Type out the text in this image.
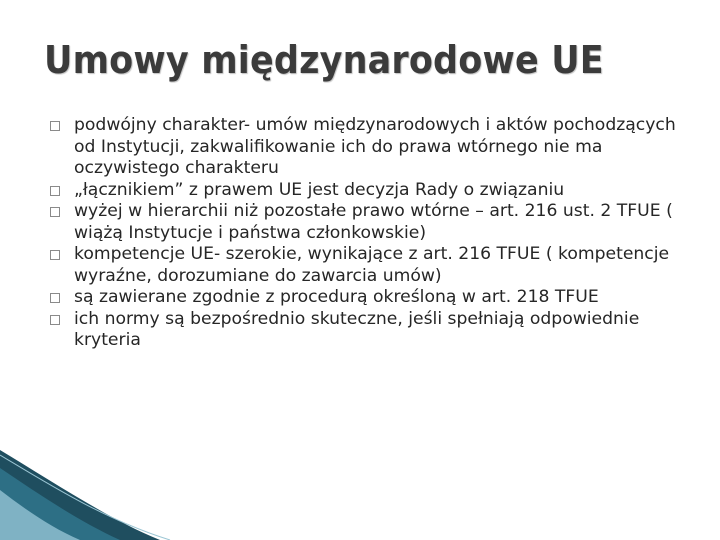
Umowy międzynarodowe UE
podwójny charakter- umów międzynarodowych i aktów pochodzących od Instytucji, zakwalifikowanie ich do prawa wtórnego nie ma oczywistego charakteru
„łącznikiem” z prawem UE jest decyzja Rady o związaniu
wyżej w hierarchii niż pozostałe prawo wtórne – art. 216 ust. 2 TFUE ( wiążą Instytucje i państwa członkowskie)
kompetencje UE- szerokie, wynikające z art. 216 TFUE ( kompetencje wyraźne, dorozumiane do zawarcia umów)
są zawierane zgodnie z procedurą określoną w art. 218 TFUE
ich normy są bezpośrednio skuteczne, jeśli spełniają odpowiednie kryteria
